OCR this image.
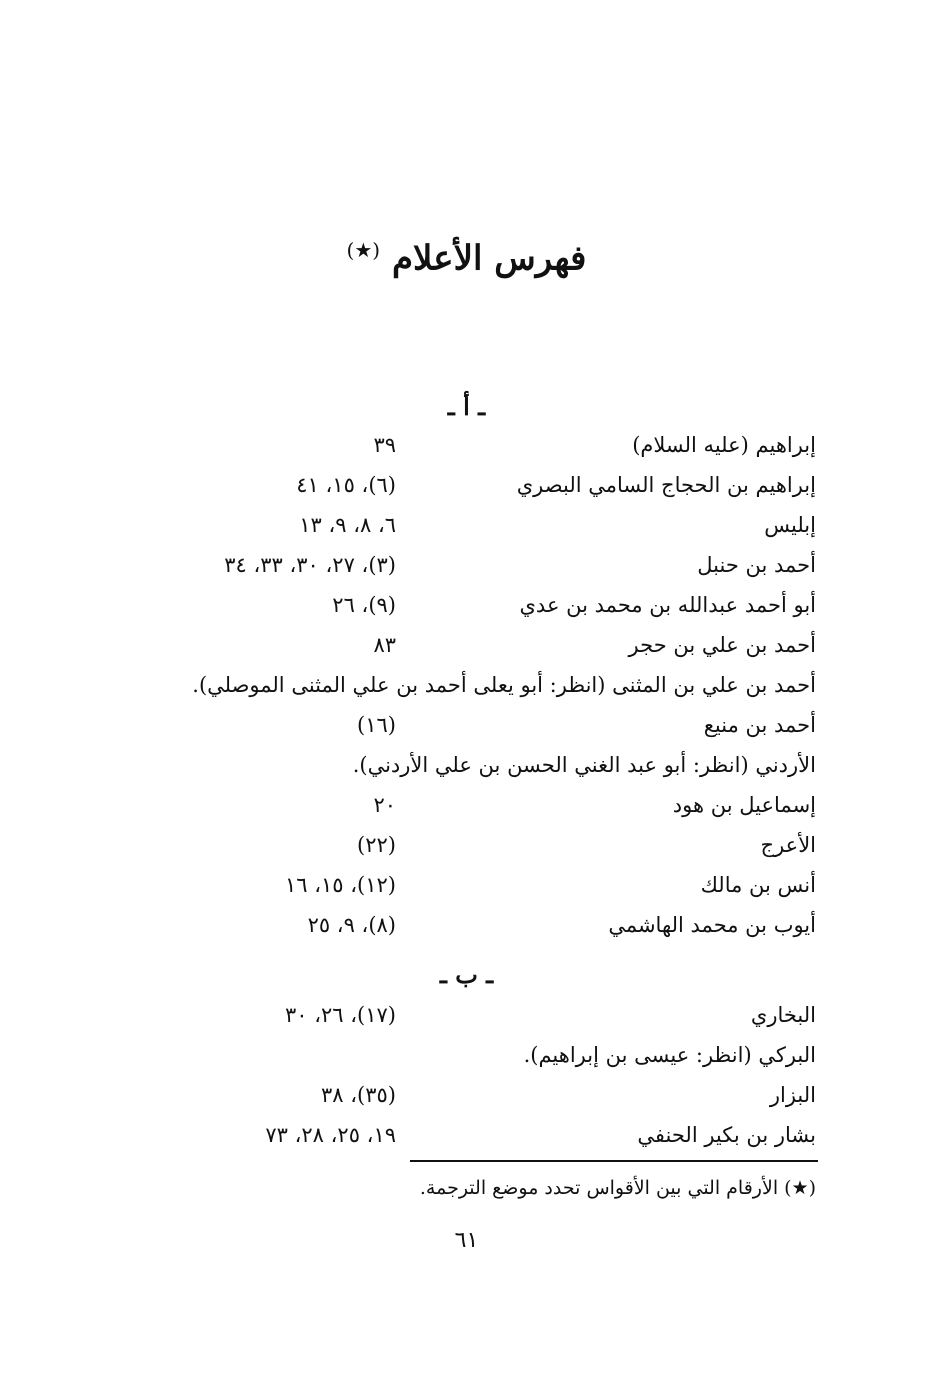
فهرس الأعلام (★)
ـ أ ـ
إبراهيم (عليه السلام)
٣٩
إبراهيم بن الحجاج السامي البصري
(٦)، ١٥، ٤١
إبليس
٦، ٨، ٩، ١٣
أحمد بن حنبل
(٣)، ٢٧، ٣٠، ٣٣، ٣٤
أبو أحمد عبدالله بن محمد بن عدي
(٩)، ٢٦
أحمد بن علي بن حجر
٨٣
أحمد بن علي بن المثنى (انظر: أبو يعلى أحمد بن علي المثنى الموصلي).
أحمد بن منيع
(١٦)
الأردني (انظر: أبو عبد الغني الحسن بن علي الأردني).
إسماعيل بن هود
٢٠
الأعرج
(٢٢)
أنس بن مالك
(١٢)، ١٥، ١٦
أيوب بن محمد الهاشمي
(٨)، ٩، ٢٥
ـ ب ـ
البخاري
(١٧)، ٢٦، ٣٠
البركي (انظر: عيسى بن إبراهيم).
البزار
(٣٥)، ٣٨
بشار بن بكير الحنفي
١٩، ٢٥، ٢٨، ٧٣
(★) الأرقام التي بين الأقواس تحدد موضع الترجمة.
٦١
